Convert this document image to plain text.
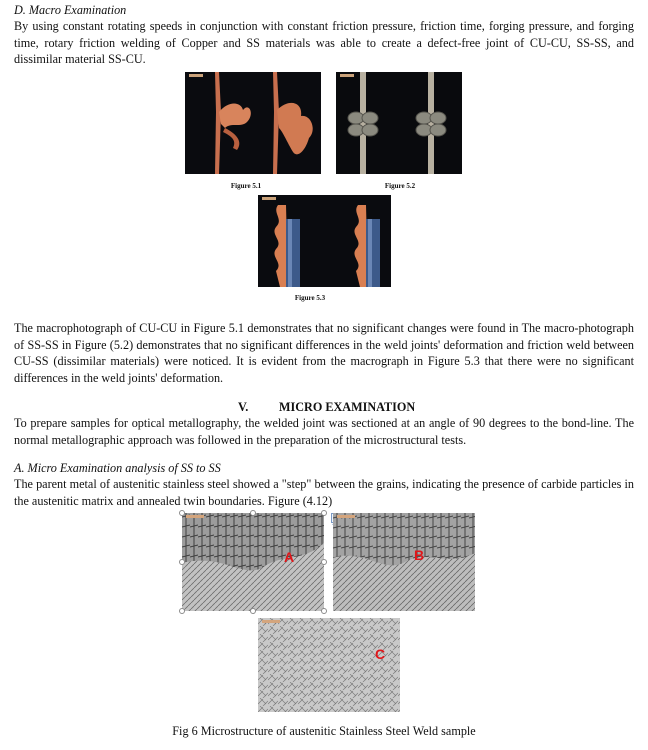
D. Macro Examination

By using constant rotating speeds in conjunction with constant friction pressure, friction time, forging pressure, and forging time, rotary friction welding of Copper and SS materials was able to create a defect-free joint of CU-CU, SS-SS, and dissimilar material SS-CU.

Figure 5.1	Figure 5.2
Figure 5.3

The macrophotograph of CU-CU in Figure 5.1 demonstrates that no significant changes were found in The macro-photograph of SS-SS in Figure (5.2) demonstrates that no significant differences in the weld joints' deformation and friction weld between CU-SS (dissimilar materials) were noticed. It is evident from the macrograph in Figure 5.3 that there were no significant differences in the weld joints' deformation.

V.	MICRO EXAMINATION

To prepare samples for optical metallography, the welded joint was sectioned at an angle of 90 degrees to the bond-line. The normal metallographic approach was followed in the preparation of the microstructural tests.

A. Micro Examination analysis of SS to SS

The parent metal of austenitic stainless steel showed a "step" between the grains, indicating the presence of carbide particles in the austenitic matrix and annealed twin boundaries. Figure (4.12)

A	B
C
Fig 6 Microstructure of austenitic Stainless Steel Weld sample
